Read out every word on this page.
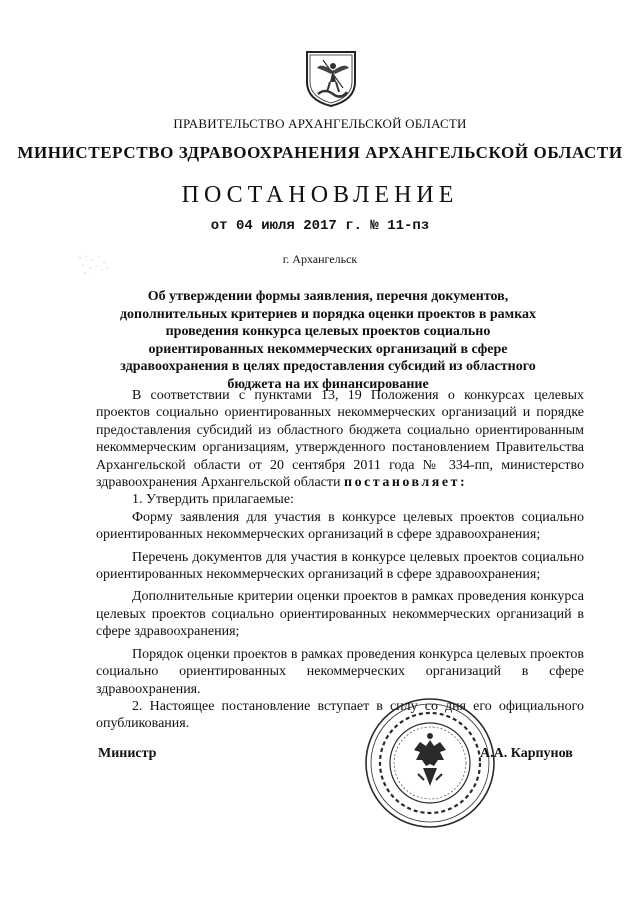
ПРАВИТЕЛЬСТВО АРХАНГЕЛЬСКОЙ ОБЛАСТИ
МИНИСТЕРСТВО ЗДРАВООХРАНЕНИЯ АРХАНГЕЛЬСКОЙ ОБЛАСТИ
ПОСТАНОВЛЕНИЕ
от 04 июля 2017 г. № 11-пз
г. Архангельск
Об утверждении формы заявления, перечня документов, дополнительных критериев и порядка оценки проектов в рамках проведения конкурса целевых проектов социально ориентированных некоммерческих организаций в сфере здравоохранения в целях предоставления субсидий из областного бюджета на их финансирование

В соответствии с пунктами 13, 19 Положения о конкурсах целевых проектов социально ориентированных некоммерческих организаций и порядке предоставления субсидий из областного бюджета социально ориентированным некоммерческим организациям, утвержденного постановлением Правительства Архангельской области от 20 сентября 2011 года № 334-пп, министерство здравоохранения Архангельской области постановляет:

1. Утвердить прилагаемые:

Форму заявления для участия в конкурсе целевых проектов социально ориентированных некоммерческих организаций в сфере здравоохранения;

Перечень документов для участия в конкурсе целевых проектов социально ориентированных некоммерческих организаций в сфере здравоохранения;

Дополнительные критерии оценки проектов в рамках проведения конкурса целевых проектов социально ориентированных некоммерческих организаций в сфере здравоохранения;

Порядок оценки проектов в рамках проведения конкурса целевых проектов социально ориентированных некоммерческих организаций в сфере здравоохранения.

2. Настоящее постановление вступает в силу со дня его официального опубликования.

Министр	А.А. Карпунов
